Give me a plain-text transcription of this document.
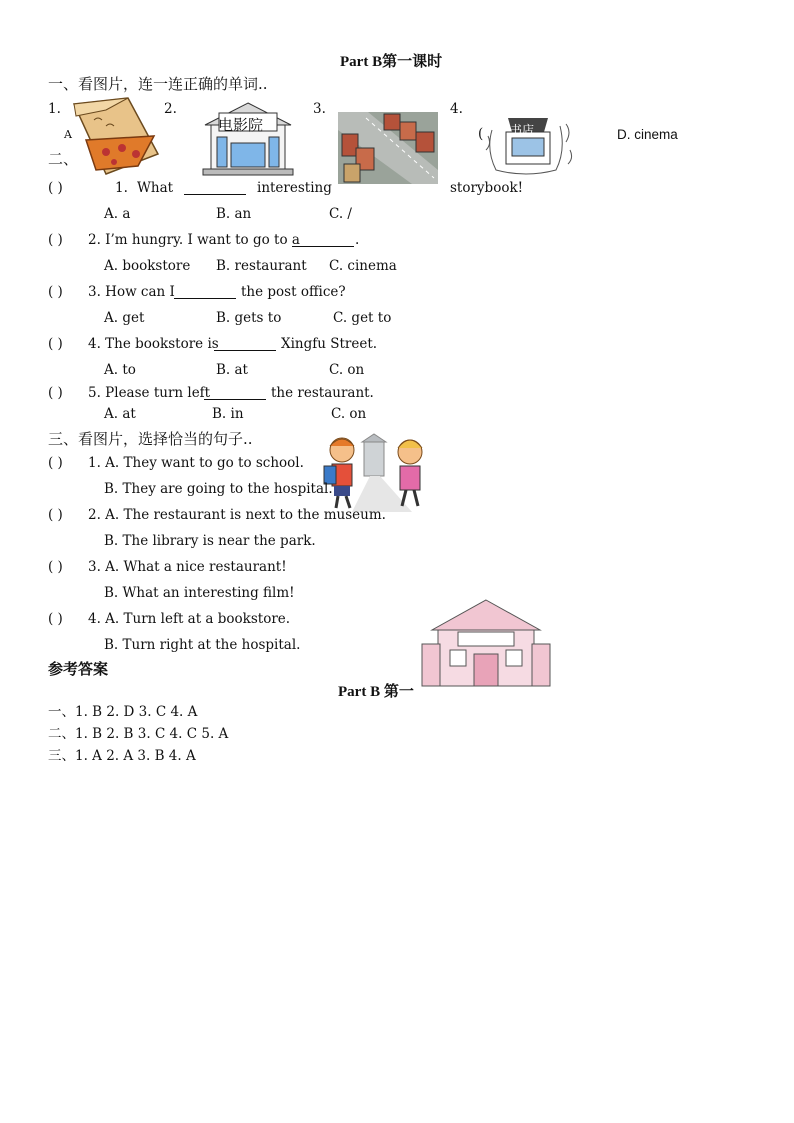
Part B第一课时
一、看图片，连一连正确的单词..
1.	2.	3.	4.
A	(	D. cinema
二、
电影院	书店
( )	1. What	interesting	storybook!
A. a	B. an	C. /
( ) 2. I’m hungry. I want to go to a	.
A. bookstore B. restaurant C. cinema
( ) 3. How can I	the post office?
A. get	B. gets to	C. get to
( ) 4. The bookstore is	Xingfu Street.
A. to	B. at	C. on
( ) 5. Please turn left	the restaurant.
A. at	B. in	C. on
三、看图片，选择恰当的句子..
( ) 1. A. They want to go to school.
B. They are going to the hospital.
( ) 2. A. The restaurant is next to the museum.
B. The library is near the park.
( ) 3. A. What a nice restaurant!
B. What an interesting film!
( ) 4. A. Turn left at a bookstore.
B. Turn right at the hospital.
参考答案
Part B 第一
一、1. B 2. D 3. C 4. A
二、1. B 2. B 3. C 4. C 5. A
三、1. A 2. A 3. B 4. A
